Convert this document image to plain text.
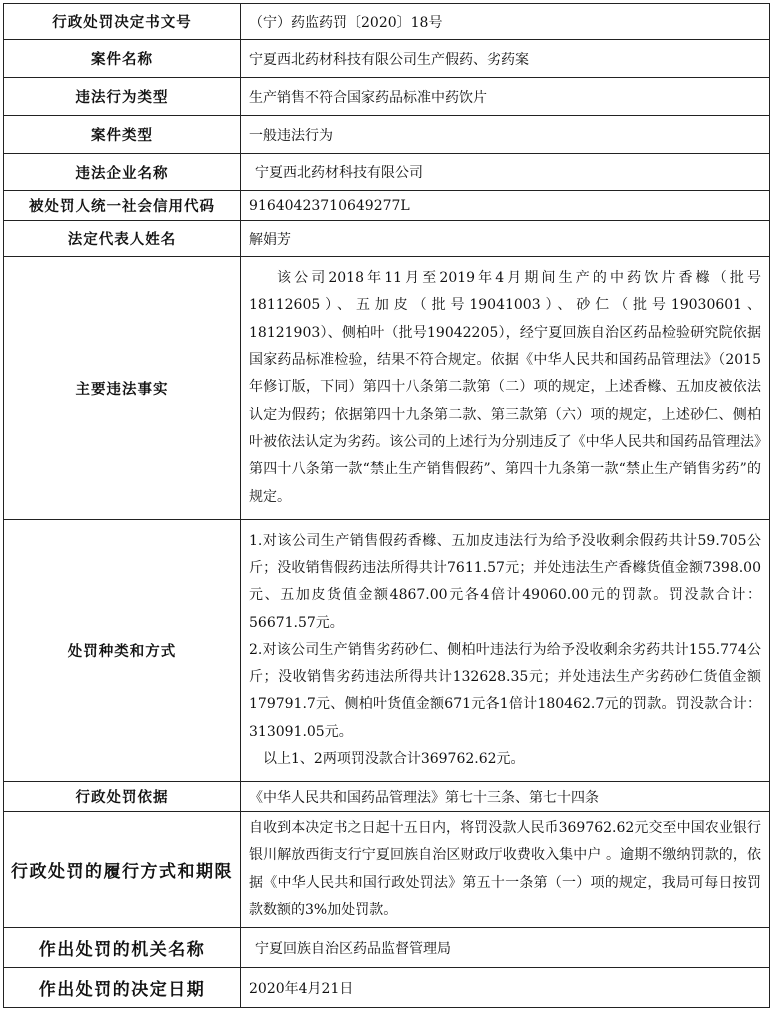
行政处罚决定书文号	（宁）药监药罚〔2020〕18号
案件名称	宁夏西北药材科技有限公司生产假药、劣药案
违法行为类型	生产销售不符合国家药品标准中药饮片
案件类型	一般违法行为
违法企业名称	宁夏西北药材科技有限公司
被处罚人统一社会信用代码	91640423710649277L
法定代表人姓名	解娟芳
主要违法事实	该公司2018年11月至2019年4月期间生产的中药饮片香橼（批号18112605）、五加皮（批号19041003）、砂仁（批号19030601、18121903）、侧柏叶（批号19042205），经宁夏回族自治区药品检验研究院依据国家药品标准检验，结果不符合规定。依据《中华人民共和国药品管理法》（2015年修订版，下同）第四十八条第二款第（二）项的规定，上述香橼、五加皮被依法认定为假药；依据第四十九条第二款、第三款第（六）项的规定，上述砂仁、侧柏叶被依法认定为劣药。该公司的上述行为分别违反了《中华人民共和国药品管理法》第四十八条第一款“禁止生产销售假药”、第四十九条第一款“禁止生产销售劣药”的规定。

处罚种类和方式	1.对该公司生产销售假药香橼、五加皮违法行为给予没收剩余假药共计59.705公斤；没收销售假药违法所得共计7611.57元；并处违法生产香橼货值金额7398.00元、五加皮货值金额4867.00元各4倍计49060.00元的罚款。罚没款合计：56671.57元。

2.对该公司生产销售劣药砂仁、侧柏叶违法行为给予没收剩余劣药共计155.774公斤；没收销售劣药违法所得共计132628.35元；并处违法生产劣药砂仁货值金额179791.7元、侧柏叶货值金额671元各1倍计180462.7元的罚款。罚没款合计：313091.05元。

以上1、2两项罚没款合计369762.62元。

行政处罚依据	《中华人民共和国药品管理法》第七十三条、第七十四条
行政处罚的履行方式和期限	自收到本决定书之日起十五日内，将罚没款人民币369762.62元交至中国农业银行银川解放西街支行宁夏回族自治区财政厅收费收入集中户 。逾期不缴纳罚款的，依据《中华人民共和国行政处罚法》第五十一条第（一）项的规定，我局可每日按罚款数额的3%加处罚款。

作出处罚的机关名称	宁夏回族自治区药品监督管理局
作出处罚的决定日期	2020年4月21日
